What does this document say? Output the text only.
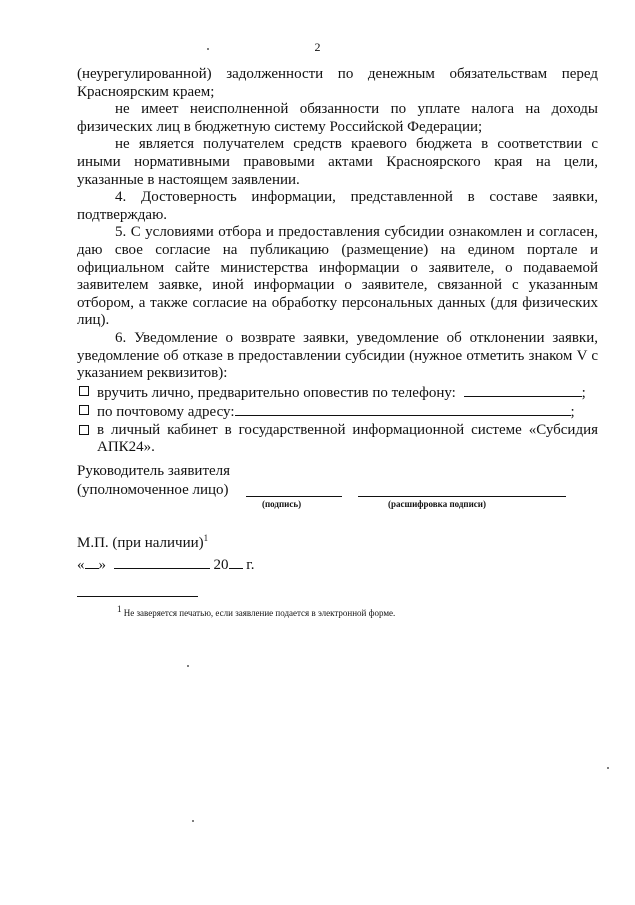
2

(неурегулированной) задолженности по денежным обязательствам перед Красноярским краем;

не имеет неисполненной обязанности по уплате налога на доходы физических лиц в бюджетную систему Российской Федерации;

не является получателем средств краевого бюджета в соответствии с иными нормативными правовыми актами Красноярского края на цели, указанные в настоящем заявлении.

4. Достоверность информации, представленной в составе заявки, подтверждаю.

5. С условиями отбора и предоставления субсидии ознакомлен и согласен, даю свое согласие на публикацию (размещение) на едином портале и официальном сайте министерства информации о заявителе, о подаваемой заявителем заявке, иной информации о заявителе, связанной с указанным отбором, а также согласие на обработку персональных данных (для физических лиц).

6. Уведомление о возврате заявки, уведомление об отклонении заявки, уведомление об отказе в предоставлении субсидии (нужное отметить знаком V с указанием реквизитов):

вручить лично, предварительно оповестив по телефону:	;
по почтовому адресу:	;
в личный кабинет в государственной информационной системе «Субсидия АПК24».
Руководитель заявителя
(уполномоченное лицо)
(подпись)	(расшифровка подписи)
М.П. (при наличии)$^1$
« »	20 г.
$^1$ Не заверяется печатью, если заявление подается в электронной форме.
